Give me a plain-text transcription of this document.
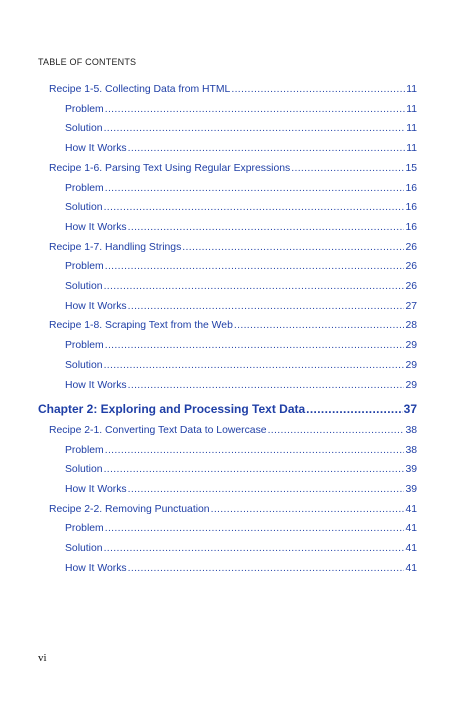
TABLE OF CONTENTS
Recipe 1-5. Collecting Data from HTML .....	11
Problem .....	11
Solution .....	11
How It Works .....	11
Recipe 1-6. Parsing Text Using Regular Expressions .....	15
Problem .....	16
Solution .....	16
How It Works .....	16
Recipe 1-7. Handling Strings .....	26
Problem .....	26
Solution .....	26
How It Works .....	27
Recipe 1-8. Scraping Text from the Web .....	28
Problem .....	29
Solution .....	29
How It Works .....	29
Chapter 2: Exploring and Processing Text Data .....	37
Recipe 2-1. Converting Text Data to Lowercase .....	38
Problem .....	38
Solution .....	39
How It Works .....	39
Recipe 2-2. Removing Punctuation .....	41
Problem .....	41
Solution .....	41
How It Works .....	41
vi
